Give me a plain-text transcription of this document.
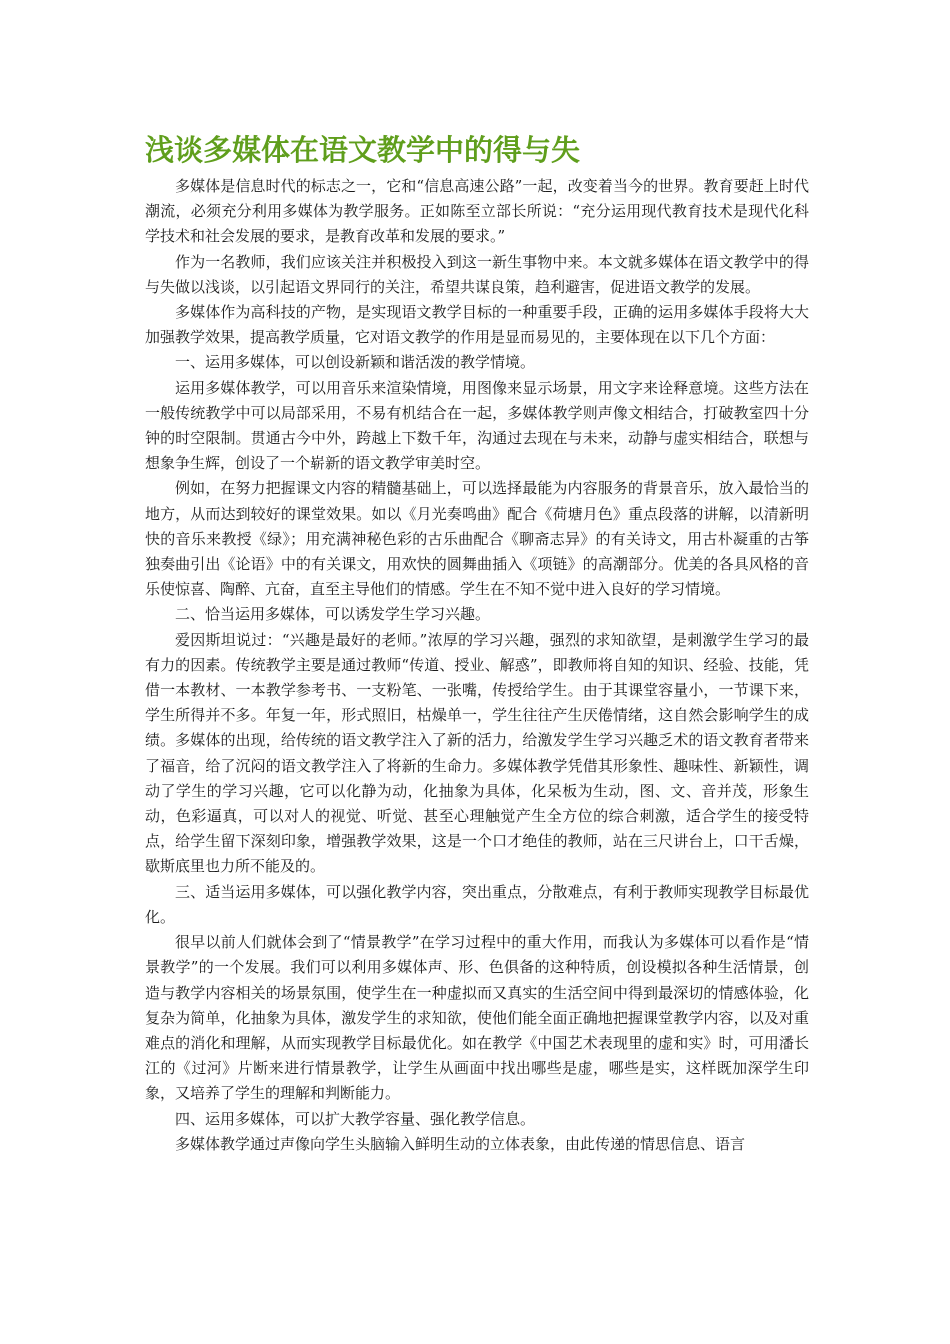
浅谈多媒体在语文教学中的得与失

多媒体是信息时代的标志之一，它和“信息高速公路”一起，改变着当今的世界。教育要赶上时代潮流，必须充分利用多媒体为教学服务。正如陈至立部长所说：“充分运用现代教育技术是现代化科学技术和社会发展的要求，是教育改革和发展的要求。”

作为一名教师，我们应该关注并积极投入到这一新生事物中来。本文就多媒体在语文教学中的得与失做以浅谈，以引起语文界同行的关注，希望共谋良策，趋利避害，促进语文教学的发展。

多媒体作为高科技的产物，是实现语文教学目标的一种重要手段，正确的运用多媒体手段将大大加强教学效果，提高教学质量，它对语文教学的作用是显而易见的，主要体现在以下几个方面：

一、运用多媒体，可以创设新颖和谐活泼的教学情境。

运用多媒体教学，可以用音乐来渲染情境，用图像来显示场景，用文字来诠释意境。这些方法在一般传统教学中可以局部采用，不易有机结合在一起，多媒体教学则声像文相结合，打破教室四十分钟的时空限制。贯通古今中外，跨越上下数千年，沟通过去现在与未来，动静与虚实相结合，联想与想象争生辉，创设了一个崭新的语文教学审美时空。

例如，在努力把握课文内容的精髓基础上，可以选择最能为内容服务的背景音乐，放入最恰当的地方，从而达到较好的课堂效果。如以《月光奏鸣曲》配合《荷塘月色》重点段落的讲解，以清新明快的音乐来教授《绿》；用充满神秘色彩的古乐曲配合《聊斋志异》的有关诗文，用古朴凝重的古筝独奏曲引出《论语》中的有关课文，用欢快的圆舞曲插入《项链》的高潮部分。优美的各具风格的音乐使惊喜、陶醉、亢奋，直至主导他们的情感。学生在不知不觉中进入良好的学习情境。

二、恰当运用多媒体，可以诱发学生学习兴趣。

爱因斯坦说过：“兴趣是最好的老师。”浓厚的学习兴趣，强烈的求知欲望，是刺激学生学习的最有力的因素。传统教学主要是通过教师“传道、授业、解惑”，即教师将自知的知识、经验、技能，凭借一本教材、一本教学参考书、一支粉笔、一张嘴，传授给学生。由于其课堂容量小，一节课下来，学生所得并不多。年复一年，形式照旧，枯燥单一，学生往往产生厌倦情绪，这自然会影响学生的成绩。多媒体的出现，给传统的语文教学注入了新的活力，给激发学生学习兴趣乏术的语文教育者带来了福音，给了沉闷的语文教学注入了将新的生命力。多媒体教学凭借其形象性、趣味性、新颖性，调动了学生的学习兴趣，它可以化静为动，化抽象为具体，化呆板为生动，图、文、音并茂，形象生动，色彩逼真，可以对人的视觉、听觉、甚至心理触觉产生全方位的综合刺激，适合学生的接受特点，给学生留下深刻印象，增强教学效果，这是一个口才绝佳的教师，站在三尺讲台上，口干舌燥，歇斯底里也力所不能及的。

三、适当运用多媒体，可以强化教学内容，突出重点，分散难点，有利于教师实现教学目标最优化。

很早以前人们就体会到了“情景教学”在学习过程中的重大作用，而我认为多媒体可以看作是“情景教学”的一个发展。我们可以利用多媒体声、形、色俱备的这种特质，创设模拟各种生活情景，创造与教学内容相关的场景氛围，使学生在一种虚拟而又真实的生活空间中得到最深切的情感体验，化复杂为简单，化抽象为具体，激发学生的求知欲，使他们能全面正确地把握课堂教学内容，以及对重难点的消化和理解，从而实现教学目标最优化。如在教学《中国艺术表现里的虚和实》时，可用潘长江的《过河》片断来进行情景教学，让学生从画面中找出哪些是虚，哪些是实，这样既加深学生印象，又培养了学生的理解和判断能力。

四、运用多媒体，可以扩大教学容量、强化教学信息。

多媒体教学通过声像向学生头脑输入鲜明生动的立体表象，由此传递的情思信息、语言
